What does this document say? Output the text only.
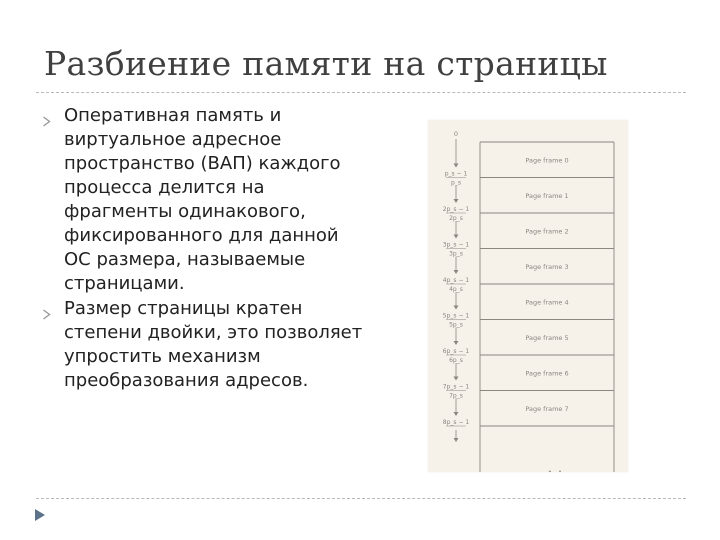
Разбиение памяти на страницы
Оперативная память и
виртуальное адресное
пространство (ВАП) каждого
процесса делится на
фрагменты одинакового,
фиксированного для данной
ОС размера, называемые
страницами.
Размер страницы кратен
степени двойки, это позволяет
упростить механизм
преобразования адресов.
0
Page frame 0
p_s − 1
p_s
Page frame 1
2p_s − 1
2p_s
Page frame 2
3p_s − 1
3p_s
Page frame 3
4p_s − 1
4p_s
Page frame 4
5p_s − 1
5p_s
Page frame 5
6p_s − 1
6p_s
Page frame 6
7p_s − 1
7p_s
Page frame 7
8p_s − 1
